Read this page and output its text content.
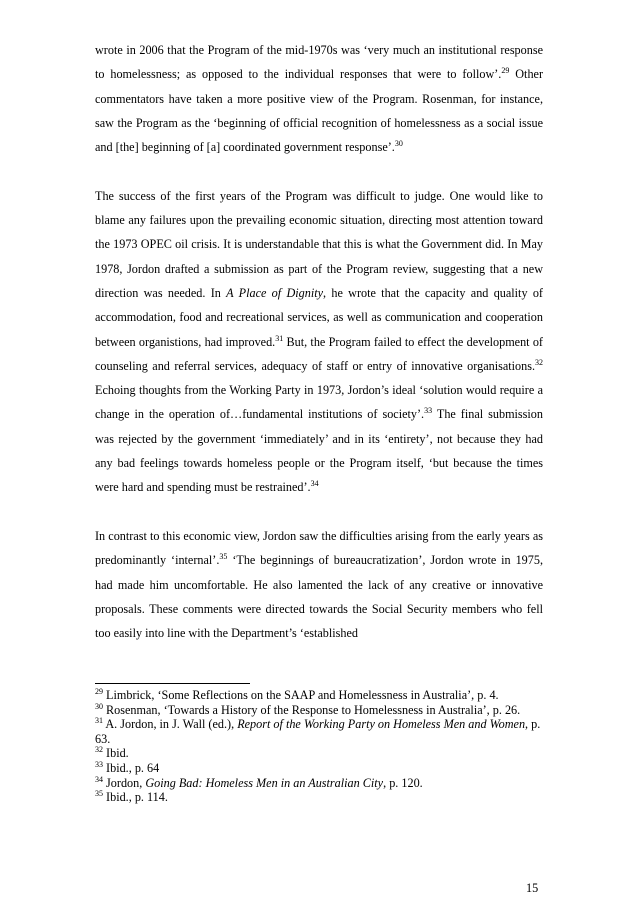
wrote in 2006 that the Program of the mid-1970s was ‘very much an institutional response to homelessness; as opposed to the individual responses that were to follow’.$^{29}$ Other commentators have taken a more positive view of the Program. Rosenman, for instance, saw the Program as the ‘beginning of official recognition of homelessness as a social issue and [the] beginning of [a] coordinated government response’.$^{30}$

The success of the first years of the Program was difficult to judge. One would like to blame any failures upon the prevailing economic situation, directing most attention toward the 1973 OPEC oil crisis. It is understandable that this is what the Government did. In May 1978, Jordon drafted a submission as part of the Program review, suggesting that a new direction was needed. In A Place of Dignity, he wrote that the capacity and quality of accommodation, food and recreational services, as well as communication and cooperation between organistions, had improved.$^{31}$ But, the Program failed to effect the development of counseling and referral services, adequacy of staff or entry of innovative organisations.$^{32}$ Echoing thoughts from the Working Party in 1973, Jordon’s ideal ‘solution would require a change in the operation of…fundamental institutions of society’.$^{33}$ The final submission was rejected by the government ‘immediately’ and in its ‘entirety’, not because they had any bad feelings towards homeless people or the Program itself, ‘but because the times were hard and spending must be restrained’.$^{34}$

In contrast to this economic view, Jordon saw the difficulties arising from the early years as predominantly ‘internal’.$^{35}$ ‘The beginnings of bureaucratization’, Jordon wrote in 1975, had made him uncomfortable. He also lamented the lack of any creative or innovative proposals. These comments were directed towards the Social Security members who fell too easily into line with the Department’s ‘established

$^{29}$ Limbrick, ‘Some Reflections on the SAAP and Homelessness in Australia’, p. 4.

$^{30}$ Rosenman, ‘Towards a History of the Response to Homelessness in Australia’, p. 26.

$^{31}$ A. Jordon, in J. Wall (ed.), Report of the Working Party on Homeless Men and Women, p. 63.

$^{32}$ Ibid.

$^{33}$ Ibid., p. 64

$^{34}$ Jordon, Going Bad: Homeless Men in an Australian City, p. 120.

$^{35}$ Ibid., p. 114.

15
